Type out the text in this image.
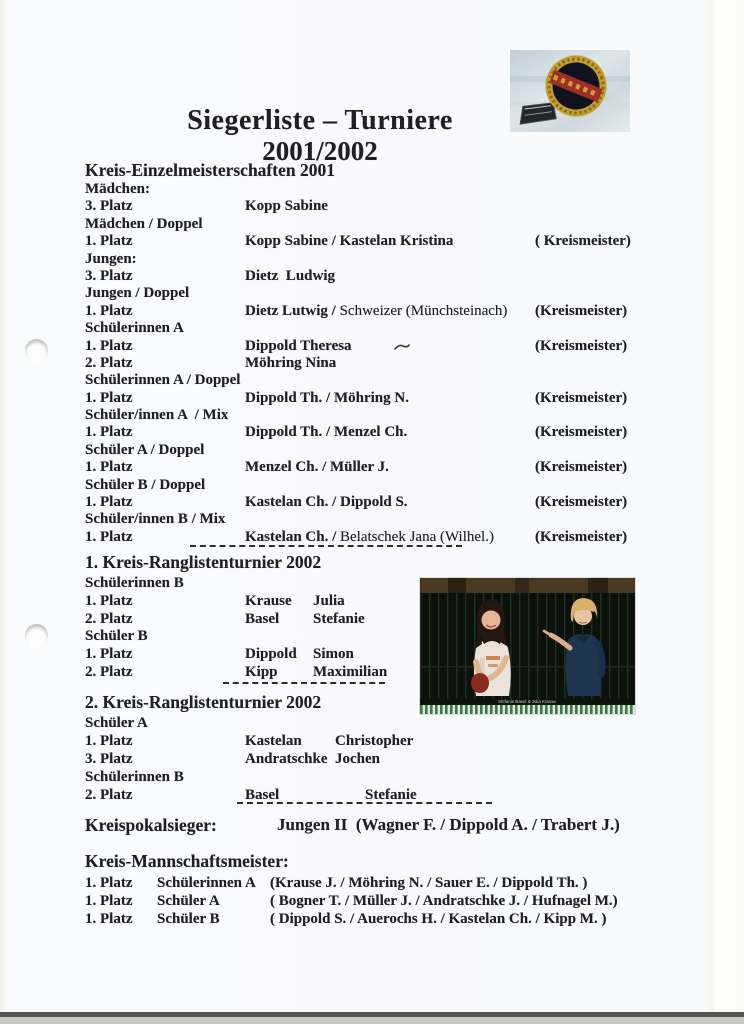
Siegerliste – Turniere
2001/2002
Kreis-Einzelmeisterschaften 2001
Mädchen:
3. Platz	Kopp Sabine
Mädchen / Doppel
1. Platz	Kopp Sabine / Kastelan Kristina	( Kreismeister)
Jungen:
3. Platz	Dietz  Ludwig
Jungen / Doppel
1. Platz	Dietz Lutwig / Schweizer (Münchsteinach) (Kreismeister)
Schülerinnen A
1. Platz	Dippold Theresa	(Kreismeister)
2. Platz	Möhring Nina
Schülerinnen A / Doppel
1. Platz	Dippold Th. / Möhring N.	(Kreismeister)
Schüler/innen A  / Mix
1. Platz	Dippold Th. / Menzel Ch.	(Kreismeister)
Schüler A / Doppel
1. Platz	Menzel Ch. / Müller J.	(Kreismeister)
Schüler B / Doppel
1. Platz	Kastelan Ch. / Dippold S.	(Kreismeister)
Schüler/innen B / Mix
1. Platz	Kastelan Ch. / Belatschek Jana (Wilhel.)	(Kreismeister)
1. Kreis-Ranglistenturnier 2002
Schülerinnen B
1. Platz	Krause Julia
2. Platz	Basel Stefanie
Schüler B
1. Platz	Dippold Simon
2. Platz	Kipp Maximilian
Stefanie Basel & Julia Krause
2. Kreis-Ranglistenturnier 2002
Schüler A
1. Platz	Kastelan Christopher
3. Platz	Andratschke Jochen
Schülerinnen B
2. Platz	Basel	Stefanie
Kreispokalsieger:	Jungen II  (Wagner F. / Dippold A. / Trabert J.)
Kreis-Mannschaftsmeister:
1. Platz Schülerinnen A (Krause J. / Möhring N. / Sauer E. / Dippold Th. )
1. Platz Schüler A	( Bogner T. / Müller J. / Andratschke J. / Hufnagel M.)
1. Platz Schüler B	( Dippold S. / Auerochs H. / Kastelan Ch. / Kipp M. )
